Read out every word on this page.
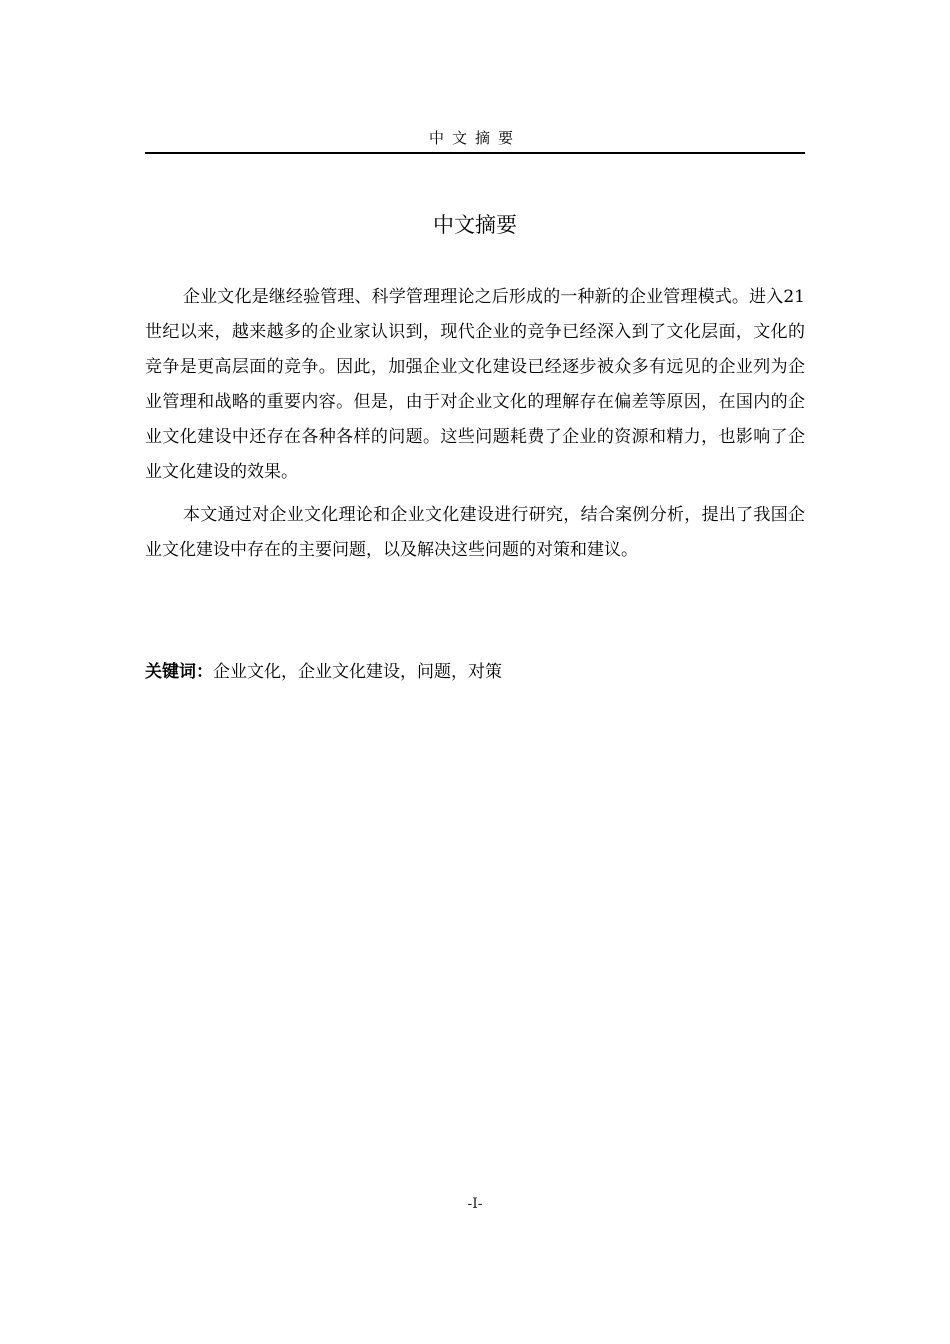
中文摘要
中文摘要

企业文化是继经验管理、科学管理理论之后形成的一种新的企业管理模式。进入21世纪以来，越来越多的企业家认识到，现代企业的竞争已经深入到了文化层面，文化的竞争是更高层面的竞争。因此，加强企业文化建设已经逐步被众多有远见的企业列为企业管理和战略的重要内容。但是，由于对企业文化的理解存在偏差等原因，在国内的企业文化建设中还存在各种各样的问题。这些问题耗费了企业的资源和精力，也影响了企业文化建设的效果。

本文通过对企业文化理论和企业文化建设进行研究，结合案例分析，提出了我国企业文化建设中存在的主要问题，以及解决这些问题的对策和建议。

关键词：企业文化，企业文化建设，问题，对策
-I-
